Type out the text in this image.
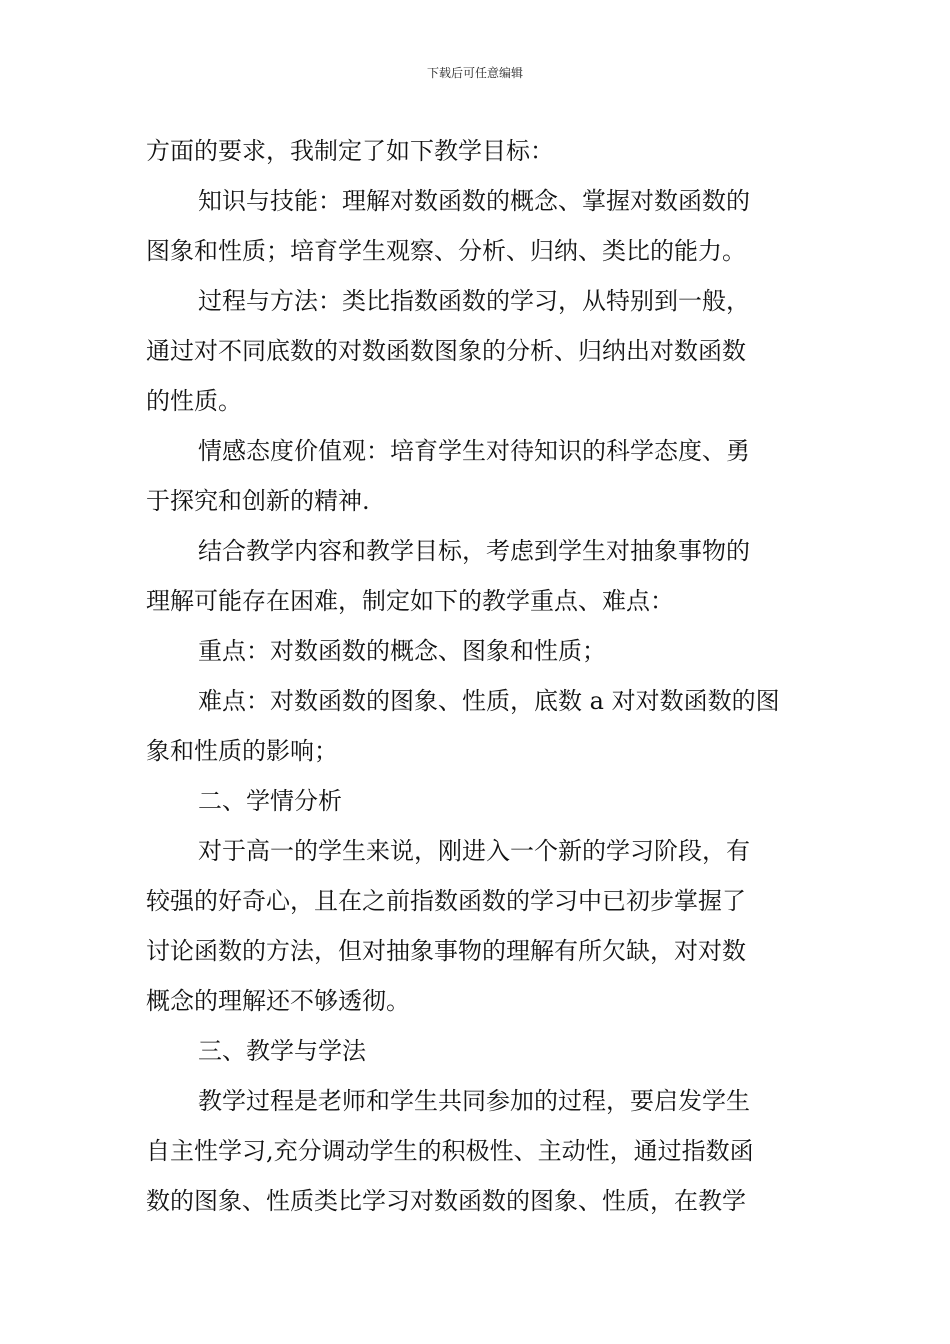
下载后可任意编辑
方面的要求，我制定了如下教学目标：
知识与技能：理解对数函数的概念、掌握对数函数的
图象和性质；培育学生观察、分析、归纳、类比的能力。
过程与方法：类比指数函数的学习，从特别到一般，
通过对不同底数的对数函数图象的分析、归纳出对数函数
的性质。
情感态度价值观：培育学生对待知识的科学态度、勇
于探究和创新的精神.
结合教学内容和教学目标，考虑到学生对抽象事物的
理解可能存在困难，制定如下的教学重点、难点：
重点：对数函数的概念、图象和性质；
难点：对数函数的图象、性质，底数 a 对对数函数的图
象和性质的影响；
二、学情分析
对于高一的学生来说，刚进入一个新的学习阶段，有
较强的好奇心，且在之前指数函数的学习中已初步掌握了
讨论函数的方法，但对抽象事物的理解有所欠缺，对对数
概念的理解还不够透彻。
三、教学与学法
教学过程是老师和学生共同参加的过程，要启发学生
自主性学习,充分调动学生的积极性、主动性，通过指数函
数的图象、性质类比学习对数函数的图象、性质，在教学
